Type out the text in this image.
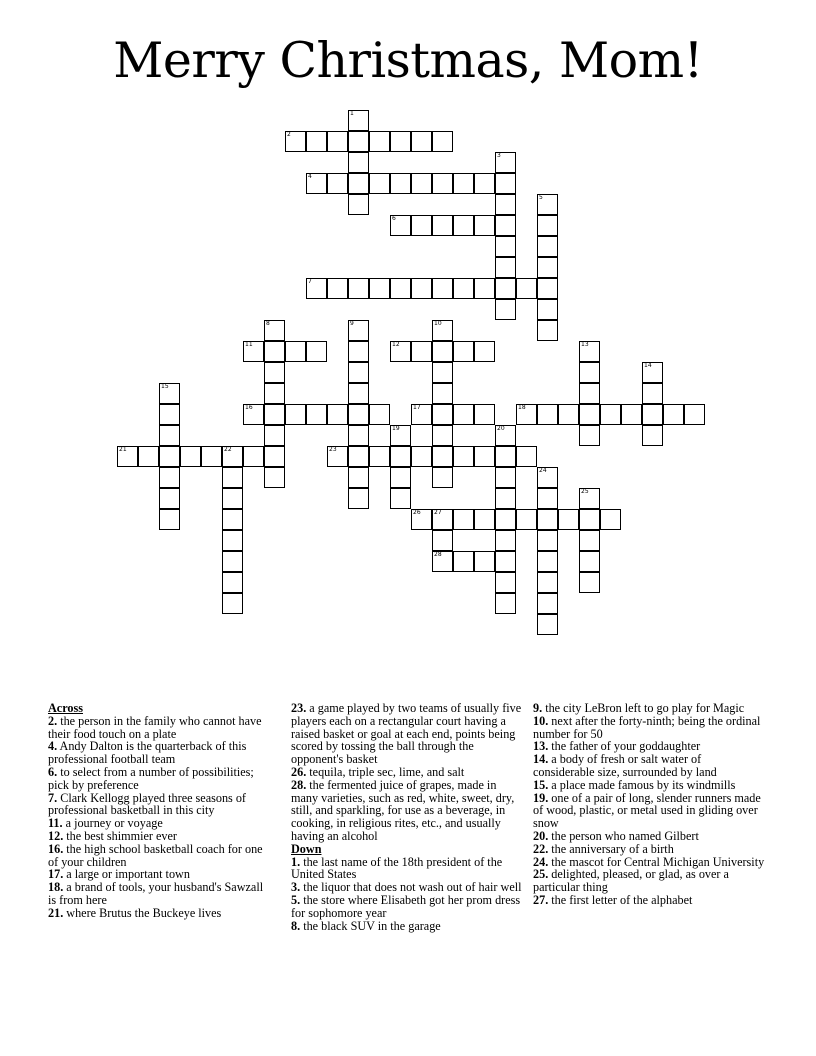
Merry Christmas, Mom!
1
2
3
4
5
6
7
8	9	10
11	12	13
14
15
16	17	18
19	20
21	22	23
24
25
26 27
28
Across
2. the person in the family who cannot have their food touch on a plate
4. Andy Dalton is the quarterback of this professional football team
6. to select from a number of possibilities; pick by preference
7. Clark Kellogg played three seasons of professional basketball in this city
11. a journey or voyage
12. the best shimmier ever
16. the high school basketball coach for one of your children
17. a large or important town
18. a brand of tools, your husband's Sawzall is from here
21. where Brutus the Buckeye lives
23. a game played by two teams of usually five players each on a rectangular court having a raised basket or goal at each end, points being scored by tossing the ball through the opponent's basket
26. tequila, triple sec, lime, and salt
28. the fermented juice of grapes, made in many varieties, such as red, white, sweet, dry, still, and sparkling, for use as a beverage, in cooking, in religious rites, etc., and usually having an alcohol
Down
1. the last name of the 18th president of the United States
3. the liquor that does not wash out of hair well
5. the store where Elisabeth got her prom dress for sophomore year
8. the black SUV in the garage
9. the city LeBron left to go play for Magic
10. next after the forty-ninth; being the ordinal number for 50
13. the father of your goddaughter
14. a body of fresh or salt water of considerable size, surrounded by land
15. a place made famous by its windmills
19. one of a pair of long, slender runners made of wood, plastic, or metal used in gliding over snow
20. the person who named Gilbert
22. the anniversary of a birth
24. the mascot for Central Michigan University
25. delighted, pleased, or glad, as over a particular thing
27. the first letter of the alphabet
